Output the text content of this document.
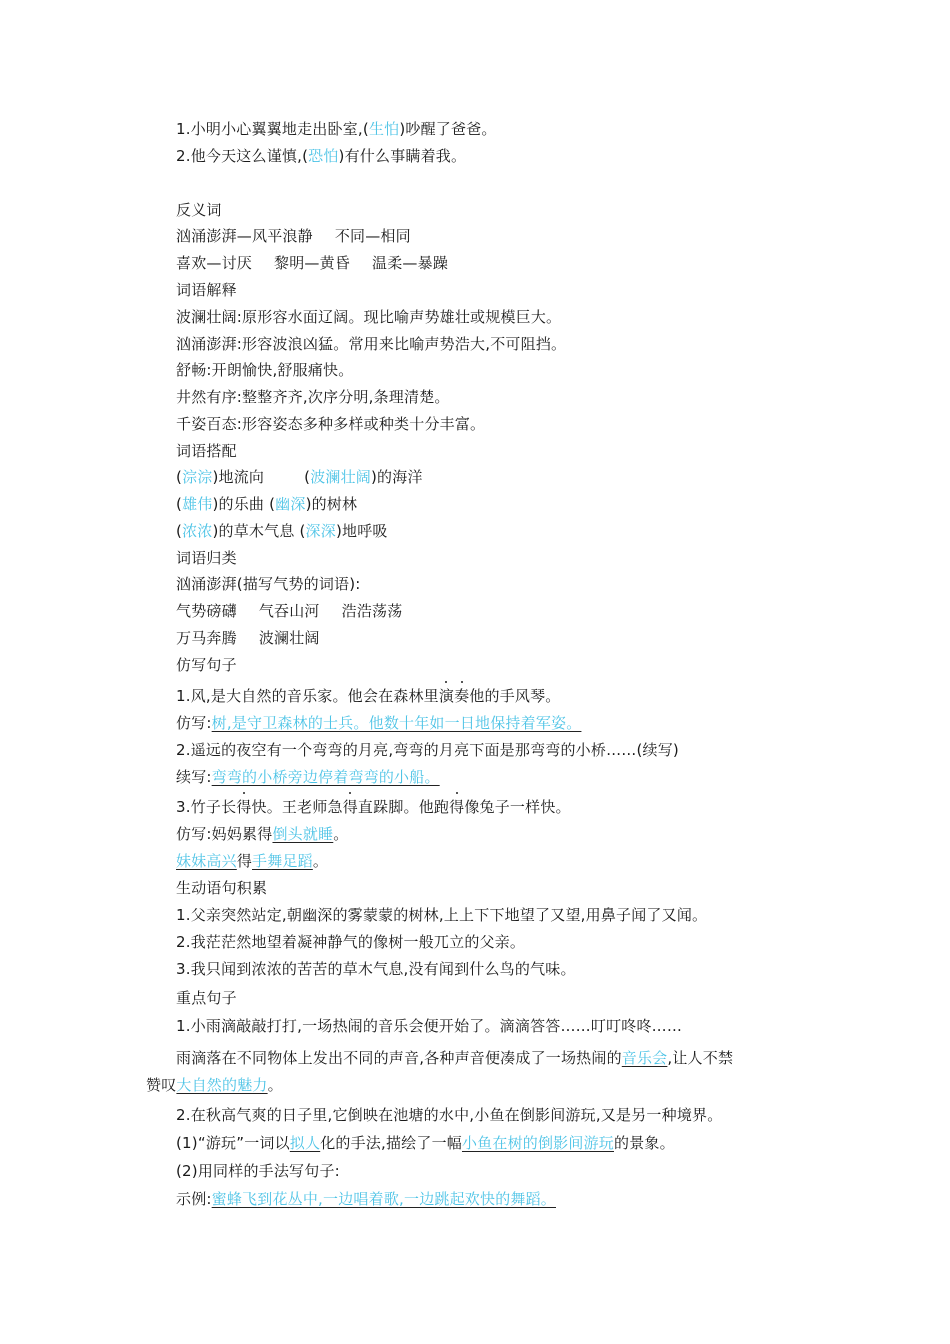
1.小明小心翼翼地走出卧室,(生怕)吵醒了爸爸。
2.他今天这么谨慎,(恐怕)有什么事瞒着我。
反义词
汹涌澎湃—风平浪静 不同—相同
喜欢—讨厌 黎明—黄昏 温柔—暴躁
词语解释
波澜壮阔:原形容水面辽阔。现比喻声势雄壮或规模巨大。
汹涌澎湃:形容波浪凶猛。常用来比喻声势浩大,不可阻挡。
舒畅:开朗愉快,舒服痛快。
井然有序:整整齐齐,次序分明,条理清楚。
千姿百态:形容姿态多种多样或种类十分丰富。
词语搭配
(淙淙)地流向	(波澜壮阔)的海洋
(雄伟)的乐曲 (幽深)的树林
(浓浓)的草木气息 (深深)地呼吸
词语归类
汹涌澎湃(描写气势的词语):
气势磅礴 气吞山河 浩浩荡荡
万马奔腾 波澜壮阔
仿写句子
1.风,是大自然的音乐家。他会在森林里演奏他的手风琴。
仿写:树,是守卫森林的士兵。他数十年如一日地保持着军姿。
2.遥远的夜空有一个弯弯的月亮,弯弯的月亮下面是那弯弯的小桥……(续写)
续写:弯弯的小桥旁边停着弯弯的小船。
3.竹子长得快。王老师急得直跺脚。他跑得像兔子一样快。
仿写:妈妈累得倒头就睡。
妹妹高兴得手舞足蹈。
生动语句积累
1.父亲突然站定,朝幽深的雾蒙蒙的树林,上上下下地望了又望,用鼻子闻了又闻。
2.我茫茫然地望着凝神静气的像树一般兀立的父亲。
3.我只闻到浓浓的苦苦的草木气息,没有闻到什么鸟的气味。
重点句子
1.小雨滴敲敲打打,一场热闹的音乐会便开始了。滴滴答答……叮叮咚咚……
雨滴落在不同物体上发出不同的声音,各种声音便凑成了一场热闹的音乐会,让人不禁
赞叹大自然的魅力。
2.在秋高气爽的日子里,它倒映在池塘的水中,小鱼在倒影间游玩,又是另一种境界。
(1)“游玩”一词以拟人化的手法,描绘了一幅小鱼在树的倒影间游玩的景象。
(2)用同样的手法写句子:
示例:蜜蜂飞到花丛中,一边唱着歌,一边跳起欢快的舞蹈。
